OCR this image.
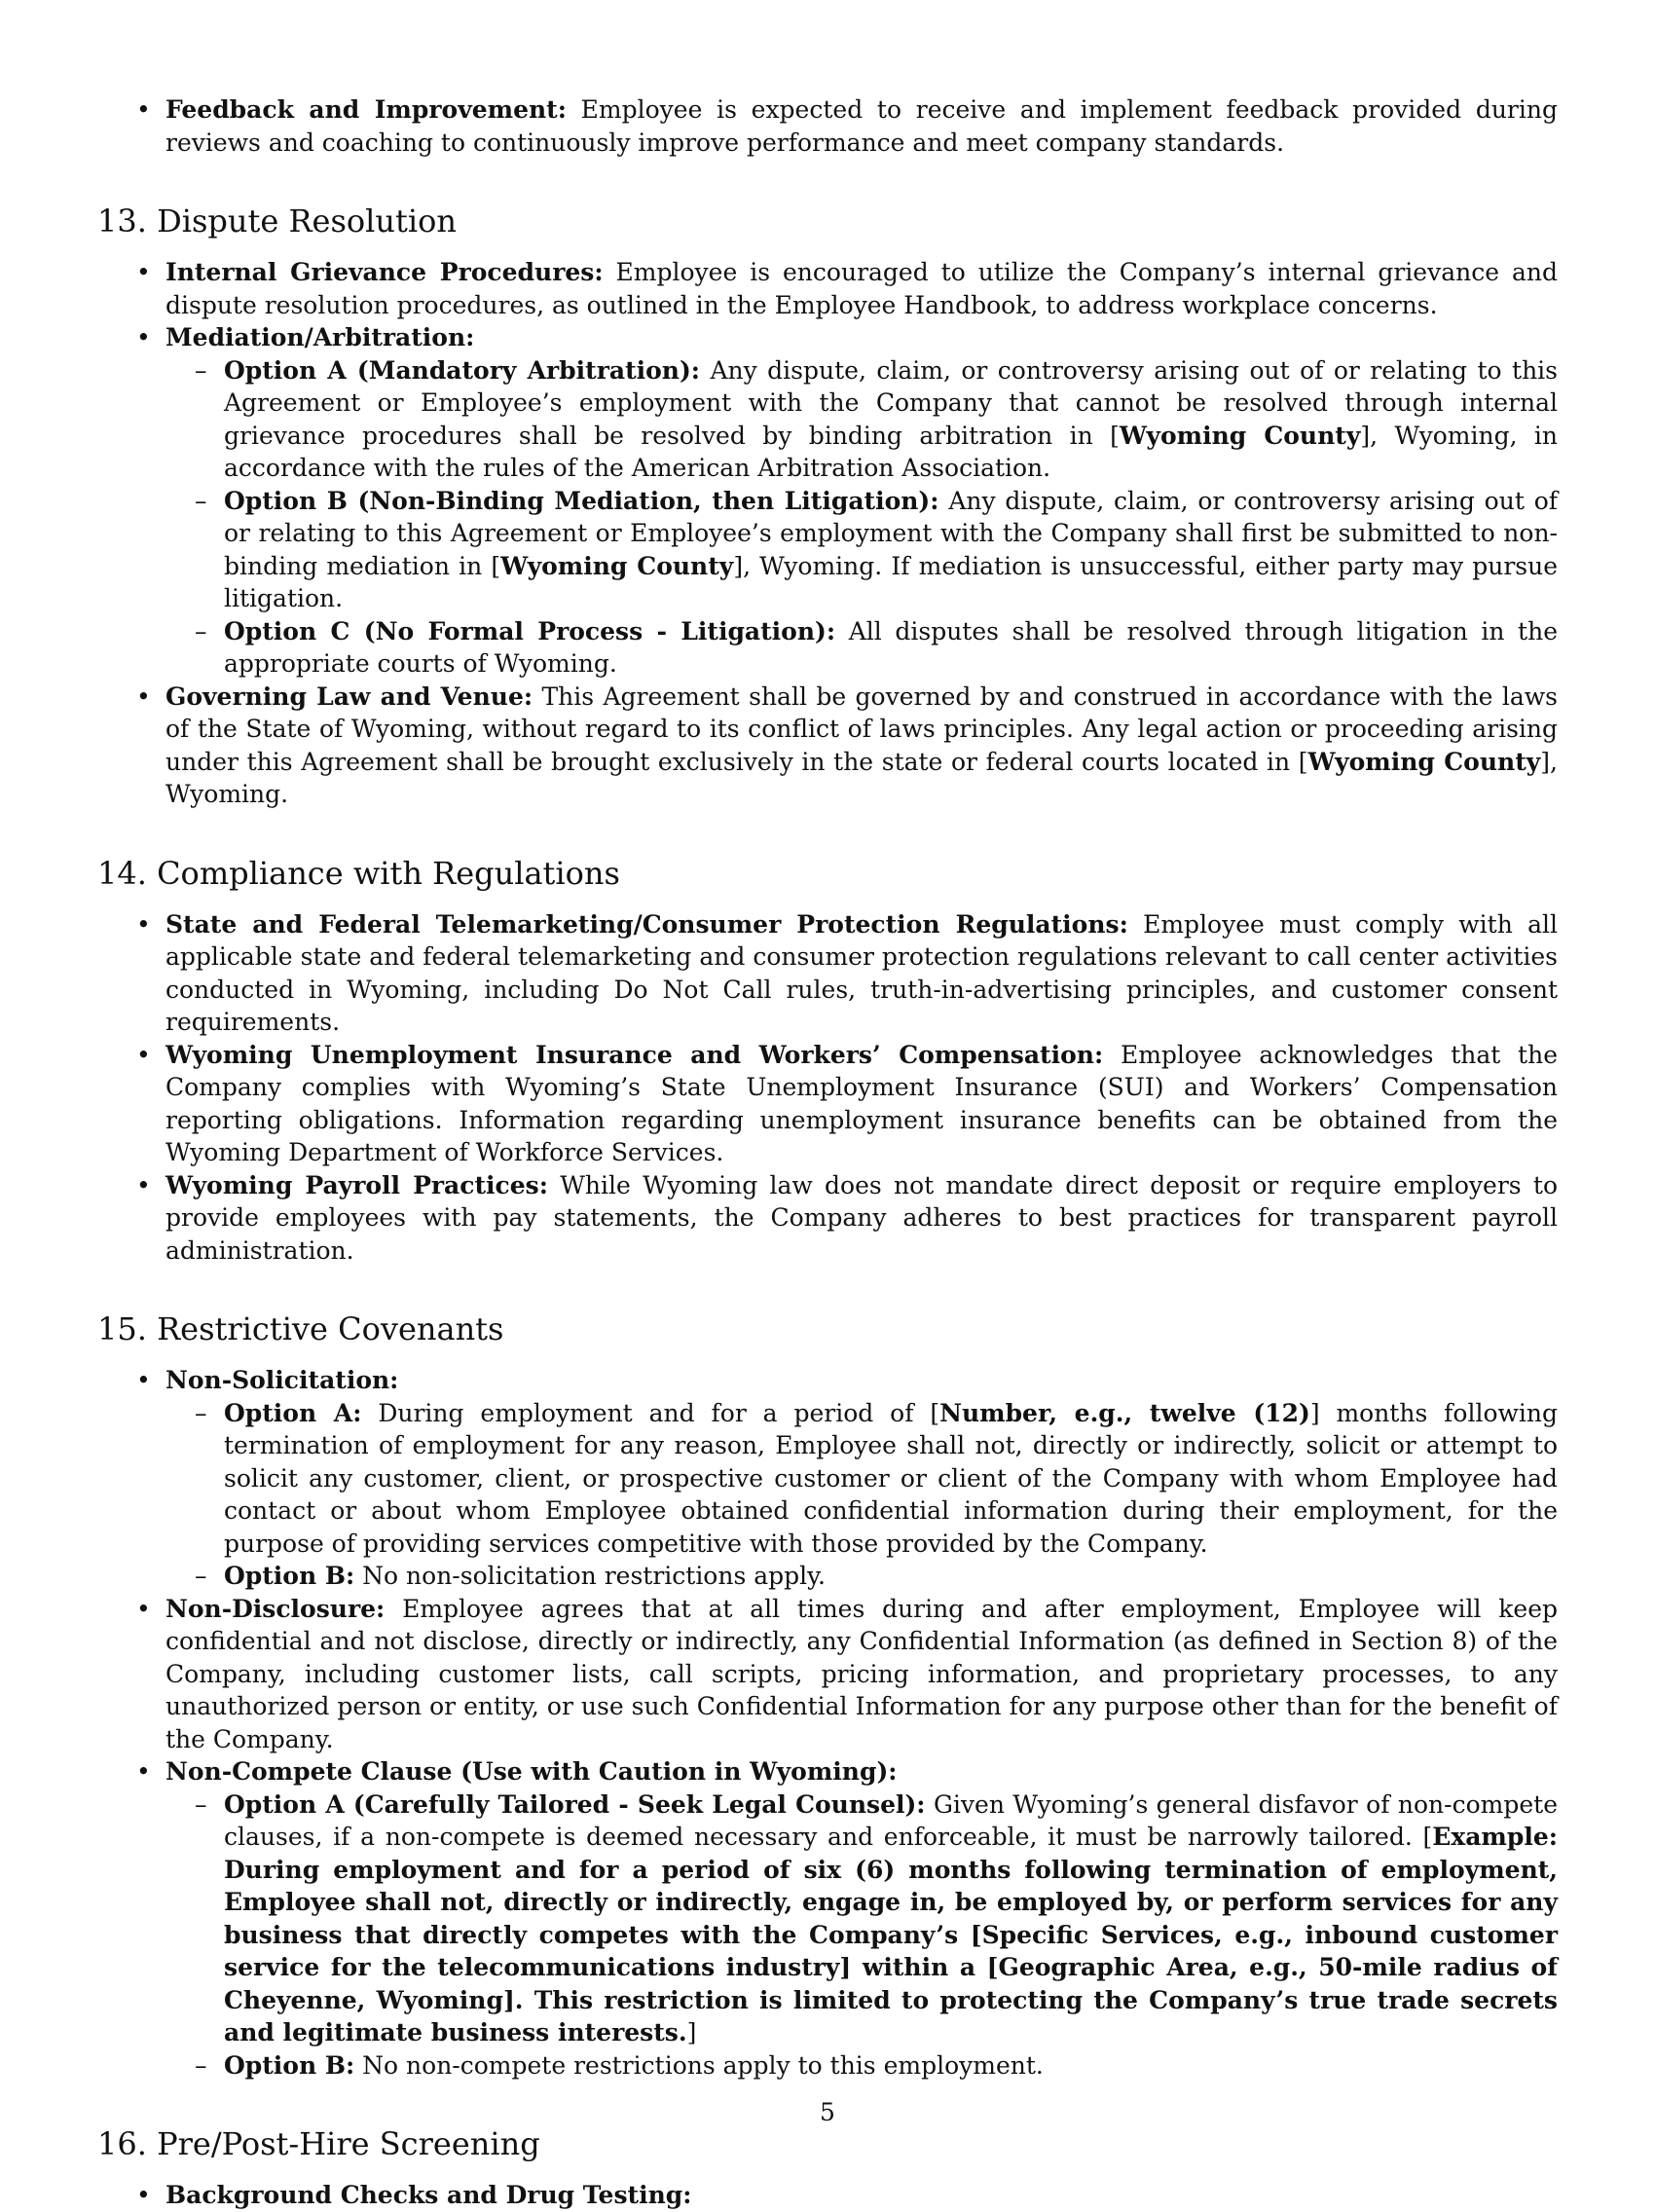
• Feedback and Improvement: Employee is expected to receive and implement feedback provided during reviews and coaching to continuously improve performance and meet company standards.
13. Dispute Resolution
• Internal Grievance Procedures: Employee is encouraged to utilize the Company’s internal grievance and dispute resolution procedures, as outlined in the Employee Handbook, to address workplace concerns.
• Mediation/Arbitration:
– Option A (Mandatory Arbitration): Any dispute, claim, or controversy arising out of or relating to this Agreement or Employee’s employment with the Company that cannot be resolved through internal grievance procedures shall be resolved by binding arbitration in [Wyoming County], Wyoming, in accordance with the rules of the American Arbitration Association.
– Option B (Non-Binding Mediation, then Litigation): Any dispute, claim, or controversy arising out of or relating to this Agreement or Employee’s employment with the Company shall first be submitted to non-binding mediation in [Wyoming County], Wyoming. If mediation is unsuccessful, either party may pursue litigation.
– Option C (No Formal Process - Litigation): All disputes shall be resolved through litigation in the appropriate courts of Wyoming.
• Governing Law and Venue: This Agreement shall be governed by and construed in accordance with the laws of the State of Wyoming, without regard to its conflict of laws principles. Any legal action or proceeding arising under this Agreement shall be brought exclusively in the state or federal courts located in [Wyoming County], Wyoming.
14. Compliance with Regulations
• State and Federal Telemarketing/Consumer Protection Regulations: Employee must comply with all applicable state and federal telemarketing and consumer protection regulations relevant to call center activities conducted in Wyoming, including Do Not Call rules, truth-in-advertising principles, and customer consent requirements.
• Wyoming Unemployment Insurance and Workers’ Compensation: Employee acknowledges that the Company complies with Wyoming’s State Unemployment Insurance (SUI) and Workers’ Compensation reporting obligations. Information regarding unemployment insurance benefits can be obtained from the Wyoming Department of Workforce Services.
• Wyoming Payroll Practices: While Wyoming law does not mandate direct deposit or require employers to provide employees with pay statements, the Company adheres to best practices for transparent payroll administration.
15. Restrictive Covenants
• Non-Solicitation:
– Option A: During employment and for a period of [Number, e.g., twelve (12)] months following termination of employment for any reason, Employee shall not, directly or indirectly, solicit or attempt to solicit any customer, client, or prospective customer or client of the Company with whom Employee had contact or about whom Employee obtained confidential information during their employment, for the purpose of providing services competitive with those provided by the Company.
– Option B: No non-solicitation restrictions apply.
• Non-Disclosure: Employee agrees that at all times during and after employment, Employee will keep confidential and not disclose, directly or indirectly, any Confidential Information (as defined in Section 8) of the Company, including customer lists, call scripts, pricing information, and proprietary processes, to any unauthorized person or entity, or use such Confidential Information for any purpose other than for the benefit of the Company.
• Non-Compete Clause (Use with Caution in Wyoming):
– Option A (Carefully Tailored - Seek Legal Counsel): Given Wyoming’s general disfavor of non-compete clauses, if a non-compete is deemed necessary and enforceable, it must be narrowly tailored. [Example: During employment and for a period of six (6) months following termination of employment, Employee shall not, directly or indirectly, engage in, be employed by, or perform services for any business that directly competes with the Company’s [Specific Services, e.g., inbound customer service for the telecommunications industry] within a [Geographic Area, e.g., 50-mile radius of Cheyenne, Wyoming]. This restriction is limited to protecting the Company’s true trade secrets and legitimate business interests.]
– Option B: No non-compete restrictions apply to this employment.
16. Pre/Post-Hire Screening
• Background Checks and Drug Testing:
5
